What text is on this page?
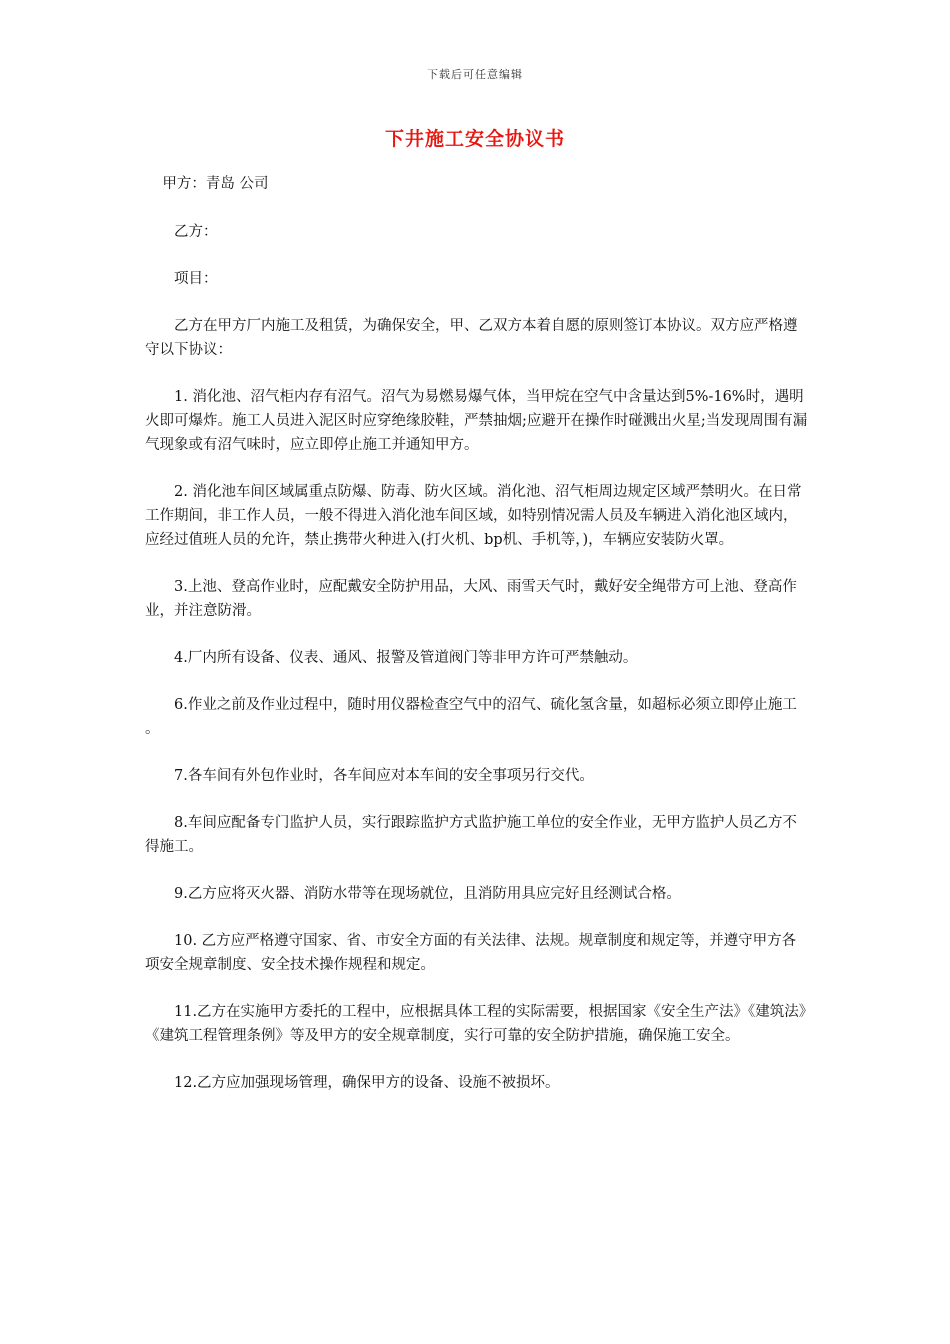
下载后可任意编辑
下井施工安全协议书

甲方：青岛 公司

乙方：

项目：

乙方在甲方厂内施工及租赁，为确保安全，甲、乙双方本着自愿的原则签订本协议。双方应严格遵守以下协议：

1. 消化池、沼气柜内存有沼气。沼气为易燃易爆气体，当甲烷在空气中含量达到5%-16%时，遇明火即可爆炸。施工人员进入泥区时应穿绝缘胶鞋，严禁抽烟;应避开在操作时碰溅出火星;当发现周围有漏气现象或有沼气味时，应立即停止施工并通知甲方。

2. 消化池车间区域属重点防爆、防毒、防火区域。消化池、沼气柜周边规定区域严禁明火。在日常工作期间，非工作人员，一般不得进入消化池车间区域，如特别情况需人员及车辆进入消化池区域内，应经过值班人员的允许，禁止携带火种进入(打火机、bp机、手机等，)，车辆应安装防火罩。

3.上池、登高作业时，应配戴安全防护用品，大风、雨雪天气时，戴好安全绳带方可上池、登高作业，并注意防滑。

4.厂内所有设备、仪表、通风、报警及管道阀门等非甲方许可严禁触动。

6.作业之前及作业过程中，随时用仪器检查空气中的沼气、硫化氢含量，如超标必须立即停止施工 。

7.各车间有外包作业时，各车间应对本车间的安全事项另行交代。

8.车间应配备专门监护人员，实行跟踪监护方式监护施工单位的安全作业，无甲方监护人员乙方不得施工。

9.乙方应将灭火器、消防水带等在现场就位，且消防用具应完好且经测试合格。

10. 乙方应严格遵守国家、省、市安全方面的有关法律、法规。规章制度和规定等，并遵守甲方各项安全规章制度、安全技术操作规程和规定。

11.乙方在实施甲方委托的工程中，应根据具体工程的实际需要，根据国家《安全生产法》《建筑法》《建筑工程管理条例》等及甲方的安全规章制度，实行可靠的安全防护措施，确保施工安全。

12.乙方应加强现场管理，确保甲方的设备、设施不被损坏。
